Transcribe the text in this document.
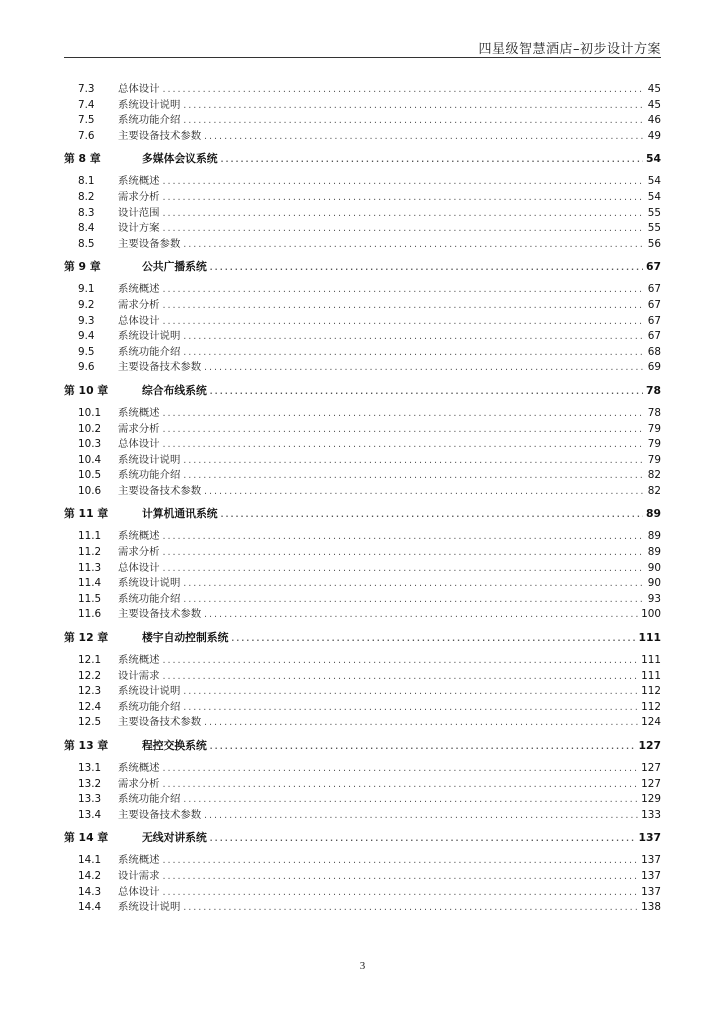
四星级智慧酒店–初步设计方案
7.3	总体设计 .....	45
7.4	系统设计说明 .....	45
7.5	系统功能介绍 .....	46
7.6	主要设备技术参数 .....	49
第 8 章	多媒体会议系统 .....	54
8.1	系统概述 .....	54
8.2	需求分析 .....	54
8.3	设计范围 .....	55
8.4	设计方案 .....	55
8.5	主要设备参数 .....	56
第 9 章	公共广播系统 .....	67
9.1	系统概述 .....	67
9.2	需求分析 .....	67
9.3	总体设计 .....	67
9.4	系统设计说明 .....	67
9.5	系统功能介绍 .....	68
9.6	主要设备技术参数 .....	69
第 10 章	综合布线系统 .....	78
10.1	系统概述 .....	78
10.2	需求分析 .....	79
10.3	总体设计 .....	79
10.4	系统设计说明 .....	79
10.5	系统功能介绍 .....	82
10.6	主要设备技术参数 .....	82
第 11 章	计算机通讯系统 .....	89
11.1	系统概述 .....	89
11.2	需求分析 .....	89
11.3	总体设计 .....	90
11.4	系统设计说明 .....	90
11.5	系统功能介绍 .....	93
11.6	主要设备技术参数 .....	100
第 12 章	楼宇自动控制系统 .....	111
12.1	系统概述 .....	111
12.2	设计需求 .....	111
12.3	系统设计说明 .....	112
12.4	系统功能介绍 .....	112
12.5	主要设备技术参数 .....	124
第 13 章	程控交换系统 .....	127
13.1	系统概述 .....	127
13.2	需求分析 .....	127
13.3	系统功能介绍 .....	129
13.4	主要设备技术参数 .....	133
第 14 章	无线对讲系统 .....	137
14.1	系统概述 .....	137
14.2	设计需求 .....	137
14.3	总体设计 .....	137
14.4	系统设计说明 .....	138
3
